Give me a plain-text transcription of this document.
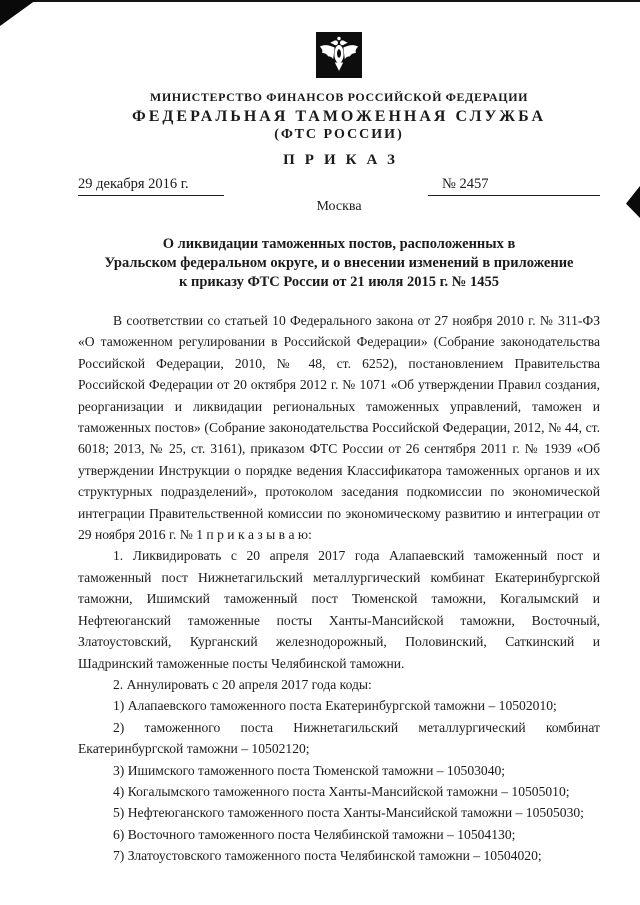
МИНИСТЕРСТВО ФИНАНСОВ РОССИЙСКОЙ ФЕДЕРАЦИИ
ФЕДЕРАЛЬНАЯ ТАМОЖЕННАЯ СЛУЖБА
(ФТС РОССИИ)
ПРИКАЗ
29 декабря 2016 г.	№ 2457
Москва
О ликвидации таможенных постов, расположенных в
Уральском федеральном округе, и о внесении изменений в приложение
к приказу ФТС России от 21 июля 2015 г. № 1455

В соответствии со статьей 10 Федерального закона от 27 ноября 2010 г. № 311-ФЗ «О таможенном регулировании в Российской Федерации» (Собрание законодательства Российской Федерации, 2010, № 48, ст. 6252), постановлением Правительства Российской Федерации от 20 октября 2012 г. № 1071 «Об утверждении Правил создания, реорганизации и ликвидации региональных таможенных управлений, таможен и таможенных постов» (Собрание законодательства Российской Федерации, 2012, № 44, ст. 6018; 2013, № 25, ст. 3161), приказом ФТС России от 26 сентября 2011 г. № 1939 «Об утверждении Инструкции о порядке ведения Классификатора таможенных органов и их структурных подразделений», протоколом заседания подкомиссии по экономической интеграции Правительственной комиссии по экономическому развитию и интеграции от 29 ноября 2016 г. № 1 п р и к а з ы в а ю:

1. Ликвидировать с 20 апреля 2017 года Алапаевский таможенный пост и таможенный пост Нижнетагильский металлургический комбинат Екатеринбургской таможни, Ишимский таможенный пост Тюменской таможни, Когалымский и Нефтеюганский таможенные посты Ханты-Мансийской таможни, Восточный, Златоустовский, Курганский железнодорожный, Половинский, Саткинский и Шадринский таможенные посты Челябинской таможни.

2. Аннулировать с 20 апреля 2017 года коды:

1) Алапаевского таможенного поста Екатеринбургской таможни – 10502010;

2) таможенного поста Нижнетагильский металлургический комбинат Екатеринбургской таможни – 10502120;

3) Ишимского таможенного поста Тюменской таможни – 10503040;

4) Когалымского таможенного поста Ханты-Мансийской таможни – 10505010;

5) Нефтеюганского таможенного поста Ханты-Мансийской таможни – 10505030;

6) Восточного таможенного поста Челябинской таможни – 10504130;

7) Златоустовского таможенного поста Челябинской таможни – 10504020;
